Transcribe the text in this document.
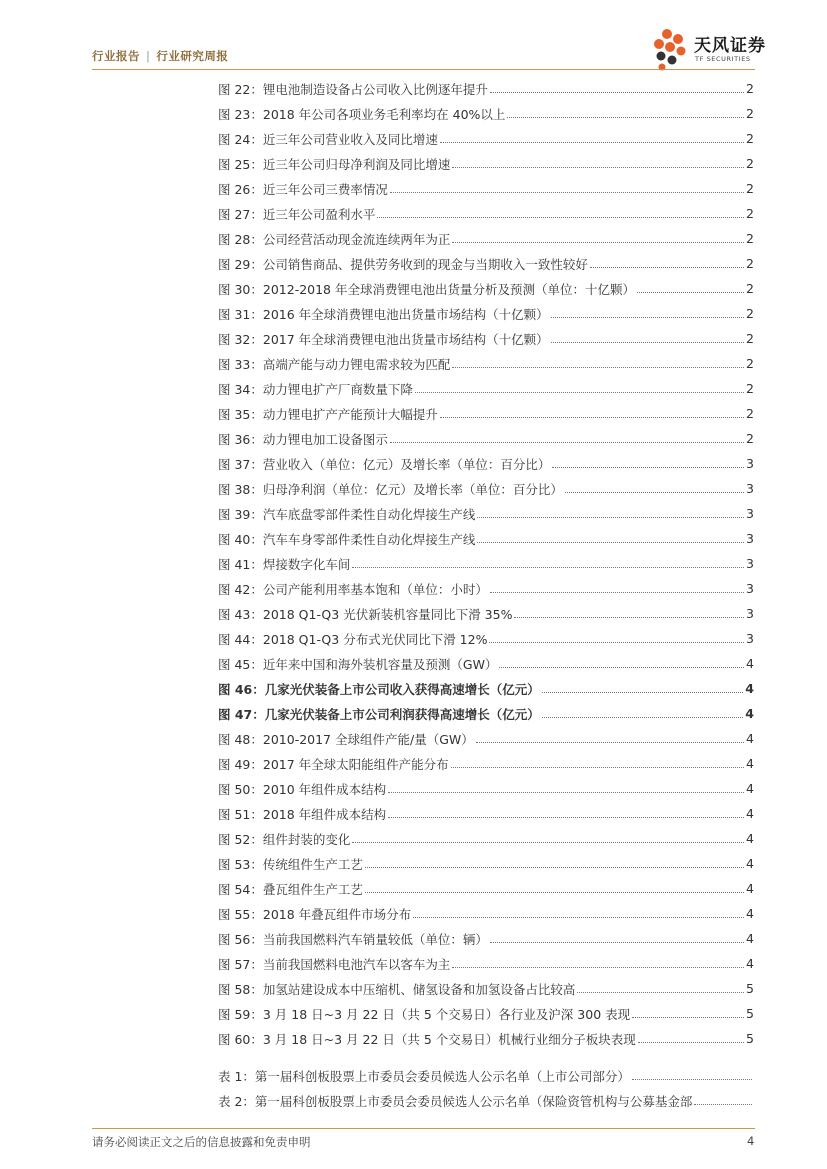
行业报告 | 行业研究周报	天风证券
TF SECURITIES
图 22：锂电池制造设备占公司收入比例逐年提升	2
图 23：2018 年公司各项业务毛利率均在 40%以上	2
图 24：近三年公司营业收入及同比增速	2
图 25：近三年公司归母净利润及同比增速	2
图 26：近三年公司三费率情况	2
图 27：近三年公司盈利水平	2
图 28：公司经营活动现金流连续两年为正	2
图 29：公司销售商品、提供劳务收到的现金与当期收入一致性较好	2
图 30：2012-2018 年全球消费锂电池出货量分析及预测（单位：十亿颗）	2
图 31：2016 年全球消费锂电池出货量市场结构（十亿颗）	2
图 32：2017 年全球消费锂电池出货量市场结构（十亿颗）	2
图 33：高端产能与动力锂电需求较为匹配	2
图 34：动力锂电扩产厂商数量下降	2
图 35：动力锂电扩产产能预计大幅提升	2
图 36：动力锂电加工设备图示	2
图 37：营业收入（单位：亿元）及增长率（单位：百分比）	3
图 38：归母净利润（单位：亿元）及增长率（单位：百分比）	3
图 39：汽车底盘零部件柔性自动化焊接生产线	3
图 40：汽车车身零部件柔性自动化焊接生产线	3
图 41：焊接数字化车间	3
图 42：公司产能利用率基本饱和（单位：小时）	3
图 43：2018 Q1-Q3 光伏新装机容量同比下滑 35%	3
图 44：2018 Q1-Q3 分布式光伏同比下滑 12%	3
图 45：近年来中国和海外装机容量及预测（GW）	4
图 46：几家光伏装备上市公司收入获得高速增长（亿元）	4
图 47：几家光伏装备上市公司利润获得高速增长（亿元）	4
图 48：2010-2017 全球组件产能/量（GW）	4
图 49：2017 年全球太阳能组件产能分布	4
图 50：2010 年组件成本结构	4
图 51：2018 年组件成本结构	4
图 52：组件封装的变化	4
图 53：传统组件生产工艺	4
图 54：叠瓦组件生产工艺	4
图 55：2018 年叠瓦组件市场分布	4
图 56：当前我国燃料汽车销量较低（单位：辆）	4
图 57：当前我国燃料电池汽车以客车为主	4
图 58：加氢站建设成本中压缩机、储氢设备和加氢设备占比较高	5
图 59：3 月 18 日~3 月 22 日（共 5 个交易日）各行业及沪深 300 表现	5
图 60：3 月 18 日~3 月 22 日（共 5 个交易日）机械行业细分子板块表现	5
表 1：第一届科创板股票上市委员会委员候选人公示名单（上市公司部分）
表 2：第一届科创板股票上市委员会委员候选人公示名单（保险资管机构与公募基金部
请务必阅读正文之后的信息披露和免责申明	4
